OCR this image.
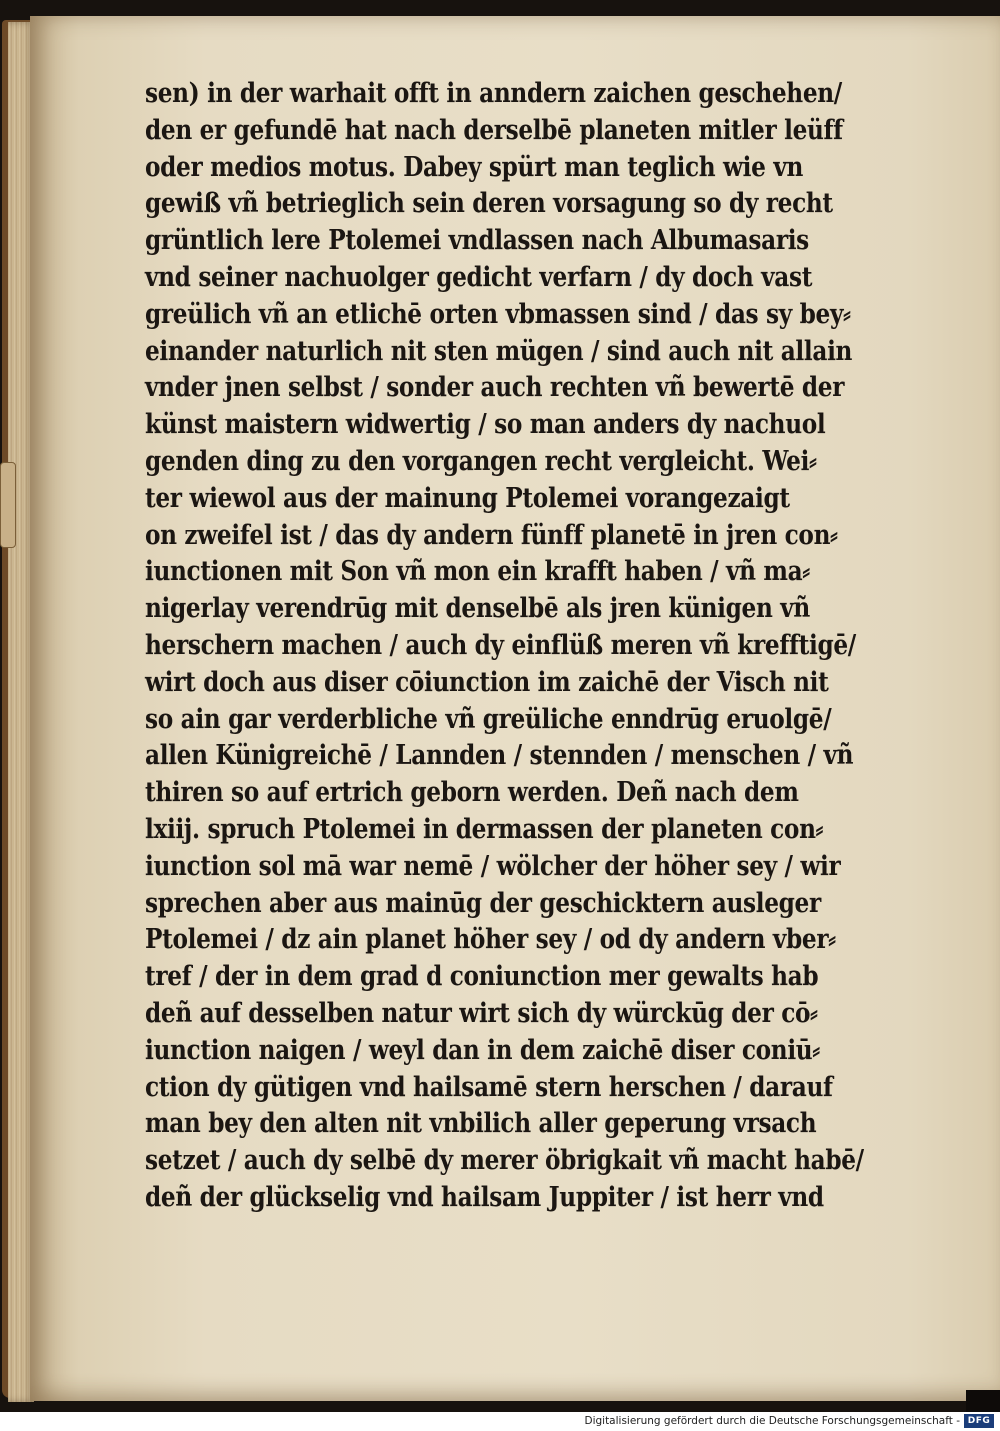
sen) in der warhait offt in anndern zaichen geschehen/
den er gefundē hat nach derselbē planeten mitler leüff
oder medios motus. Dabey spürt man teglich wie vn
gewiß vñ betrieglich sein deren vorsagung so dy recht
grüntlich lere Ptolemei vndlassen nach Albumasaris
vnd seiner nachuolger gedicht verfarn / dy doch vast
greülich vñ an etlichē orten vbmassen sind / das sy bey⸗
einander naturlich nit sten mügen / sind auch nit allain
vnder jnen selbst / sonder auch rechten vñ bewertē der
künst maistern widwertig / so man anders dy nachuol
genden ding zu den vorgangen recht vergleicht. Wei⸗
ter wiewol aus der mainung Ptolemei vorangezaigt
on zweifel ist / das dy andern fünff planetē in jren con⸗
iunctionen mit Son vñ mon ein krafft haben / vñ ma⸗
nigerlay verendrūg mit denselbē als jren künigen vñ
herschern machen / auch dy einflüß meren vñ krefftigē/
wirt doch aus diser cōiunction im zaichē der Visch nit
so ain gar verderbliche vñ greüliche enndrūg eruolgē/
allen Künigreichē / Lannden / stennden / menschen / vñ
thiren so auf ertrich geborn werden. Deñ nach dem
lxiij. spruch Ptolemei in dermassen der planeten con⸗
iunction sol mā war nemē / wölcher der höher sey / wir
sprechen aber aus mainūg der geschicktern ausleger
Ptolemei / dz ain planet höher sey / od dy andern vber⸗
tref / der in dem grad d coniunction mer gewalts hab
deñ auf desselben natur wirt sich dy würckūg der cō⸗
iunction naigen / weyl dan in dem zaichē diser coniū⸗
ction dy gütigen vnd hailsamē stern herschen / darauf
man bey den alten nit vnbilich aller geperung vrsach
setzet / auch dy selbē dy merer öbrigkait vñ macht habē/
deñ der glückselig vnd hailsam Juppiter / ist herr vnd
Digitalisierung gefördert durch die Deutsche Forschungsgemeinschaft - DFG
